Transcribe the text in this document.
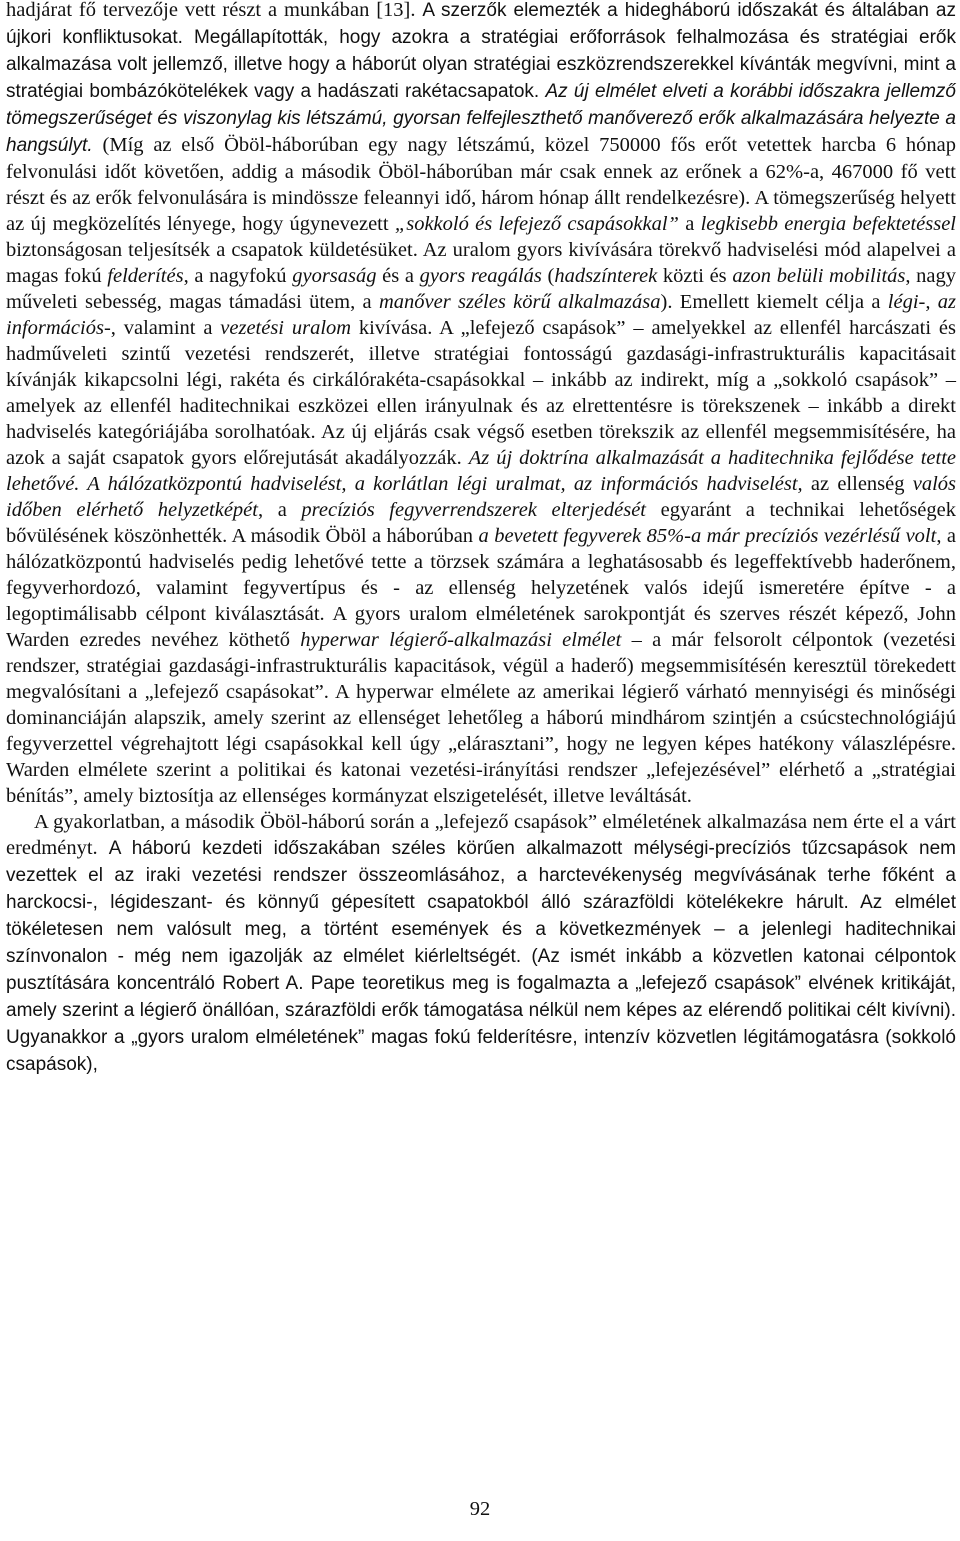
hadjárat fő tervezője vett részt a munkában [13]. A szerzők elemezték a hidegháború időszakát és általában az újkori konfliktusokat. Megállapították, hogy azokra a stratégiai erőforrások felhalmozása és stratégiai erők alkalmazása volt jellemző, illetve hogy a háborút olyan stratégiai eszközrendszerekkel kívánták megvívni, mint a stratégiai bombázókötelékek vagy a hadászati rakétacsapatok. Az új elmélet elveti a korábbi időszakra jellemző tömegszerűséget és viszonylag kis létszámú, gyorsan felfejleszthető manőverező erők alkalmazására helyezte a hangsúlyt. (Míg az első Öböl-háborúban egy nagy létszámú, közel 750000 fős erőt vetettek harcba 6 hónap felvonulási időt követően, addig a második Öböl-háborúban már csak ennek az erőnek a 62%-a, 467000 fő vett részt és az erők felvonulására is mindössze feleannyi idő, három hónap állt rendelkezésre). A tömegszerűség helyett az új megközelítés lényege, hogy úgynevezett „sokkoló és lefejező csapásokkal” a legkisebb energia befektetéssel biztonságosan teljesítsék a csapatok küldetésüket. Az uralom gyors kivívására törekvő hadviselési mód alapelvei a magas fokú felderítés, a nagyfokú gyorsaság és a gyors reagálás (hadszínterek közti és azon belüli mobilitás, nagy műveleti sebesség, magas támadási ütem, a manőver széles körű alkalmazása). Emellett kiemelt célja a légi-, az információs-, valamint a vezetési uralom kivívása. A „lefejező csapások” – amelyekkel az ellenfél harcászati és hadműveleti szintű vezetési rendszerét, illetve stratégiai fontosságú gazdasági-infrastrukturális kapacitásait kívánják kikapcsolni légi, rakéta és cirkálórakéta-csapásokkal – inkább az indirekt, míg a „sokkoló csapások” – amelyek az ellenfél haditechnikai eszközei ellen irányulnak és az elrettentésre is törekszenek – inkább a direkt hadviselés kategóriájába sorolhatóak. Az új eljárás csak végső esetben törekszik az ellenfél megsemmisítésére, ha azok a saját csapatok gyors előrejutását akadályozzák. Az új doktrína alkalmazását a haditechnika fejlődése tette lehetővé. A hálózatközpontú hadviselést, a korlátlan légi uralmat, az információs hadviselést, az ellenség valós időben elérhető helyzetképét, a precíziós fegyverrendszerek elterjedését egyaránt a technikai lehetőségek bővülésének köszönhették. A második Öböl a háborúban a bevetett fegyverek 85%-a már precíziós vezérlésű volt, a hálózatközpontú hadviselés pedig lehetővé tette a törzsek számára a leghatásosabb és legeffektívebb haderőnem, fegyverhordozó, valamint fegyvertípus és - az ellenség helyzetének valós idejű ismeretére építve - a legoptimálisabb célpont kiválasztását. A gyors uralom elméletének sarokpontját és szerves részét képező, John Warden ezredes nevéhez köthető hyperwar légierő-alkalmazási elmélet – a már felsorolt célpontok (vezetési rendszer, stratégiai gazdasági-infrastrukturális kapacitások, végül a haderő) megsemmisítésén keresztül törekedett megvalósítani a „lefejező csapásokat”. A hyperwar elmélete az amerikai légierő várható mennyiségi és minőségi dominanciáján alapszik, amely szerint az ellenséget lehetőleg a háború mindhárom szintjén a csúcstechnológiájú fegyverzettel végrehajtott légi csapásokkal kell úgy „elárasztani”, hogy ne legyen képes hatékony válaszlépésre. Warden elmélete szerint a politikai és katonai vezetési-irányítási rendszer „lefejezésével” elérhető a „stratégiai bénítás”, amely biztosítja az ellenséges kormányzat elszigetelését, illetve leváltását.

A gyakorlatban, a második Öböl-háború során a „lefejező csapások” elméletének alkalmazása nem érte el a várt eredményt. A háború kezdeti időszakában széles körűen alkalmazott mélységi-precíziós tűzcsapások nem vezettek el az iraki vezetési rendszer összeomlásához, a harctevékenység megvívásának terhe főként a harckocsi-, légideszant- és könnyű gépesített csapatokból álló szárazföldi kötelékekre hárult. Az elmélet tökéletesen nem valósult meg, a történt események és a következmények – a jelenlegi haditechnikai színvonalon - még nem igazolják az elmélet kiérleltségét. (Az ismét inkább a közvetlen katonai célpontok pusztítására koncentráló Robert A. Pape teoretikus meg is fogalmazta a „lefejező csapások” elvének kritikáját, amely szerint a légierő önállóan, szárazföldi erők támogatása nélkül nem képes az elérendő politikai célt kivívni). Ugyanakkor a „gyors uralom elméletének” magas fokú felderítésre, intenzív közvetlen légitámogatásra (sokkoló csapások),

92
